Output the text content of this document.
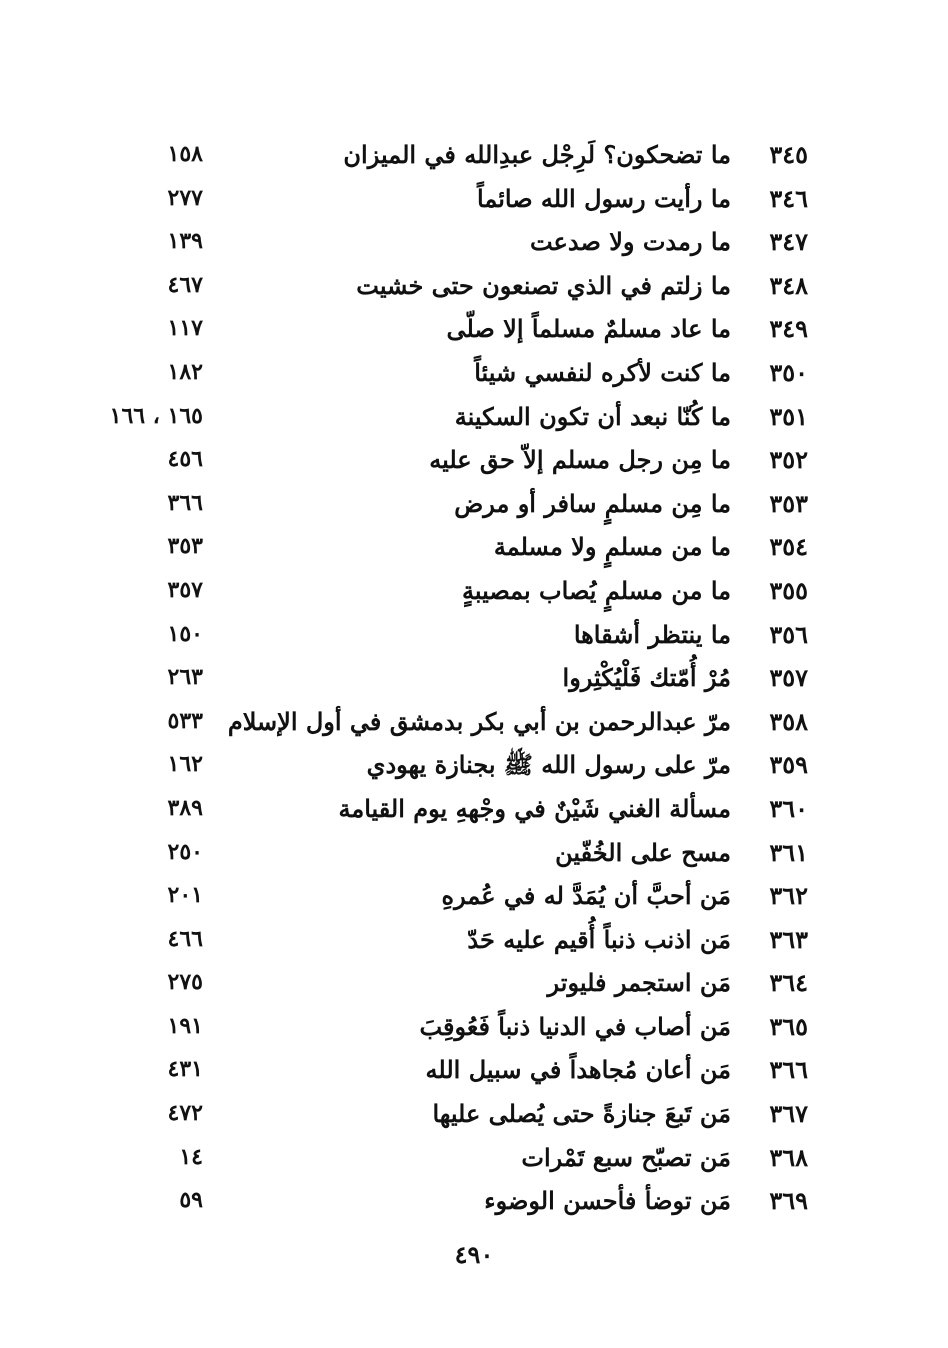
٣٤٥
ما تضحكون؟ لَرِجْل عبدِالله في الميزان
١٥٨
٣٤٦
ما رأيت رسول الله صائماً
٢٧٧
٣٤٧
ما رمدت ولا صدعت
١٣٩
٣٤٨
ما زلتم في الذي تصنعون حتى خشيت
٤٦٧
٣٤٩
ما عاد مسلمٌ مسلماً إلا صلّى
١١٧
٣٥٠
ما كنت لأكره لنفسي شيئاً
١٨٢
٣٥١
ما كُنّا نبعد أن تكون السكينة
١٦٥ ، ١٦٦
٣٥٢
ما مِن رجل مسلم إلاّ حق عليه
٤٥٦
٣٥٣
ما مِن مسلمٍ سافر أو مرض
٣٦٦
٣٥٤
ما من مسلمٍ ولا مسلمة
٣٥٣
٣٥٥
ما من مسلمٍ يُصاب بمصيبةٍ
٣٥٧
٣٥٦
ما ينتظر أشقاها
١٥٠
٣٥٧
مُرْ أُمّتك فَلْيُكْثِروا
٢٦٣
٣٥٨
مرّ عبدالرحمن بن أبي بكر بدمشق في أول الإسلام
٥٣٣
٣٥٩
مرّ على رسول الله ﷺ بجنازة يهودي
١٦٢
٣٦٠
مسألة الغني شَيْنٌ في وجْههِ يوم القيامة
٣٨٩
٣٦١
مسح على الخُفّين
٢٥٠
٣٦٢
مَن أحبَّ أن يُمَدَّ له في عُمرهِ
٢٠١
٣٦٣
مَن اذنب ذنباً أُقيم عليه حَدّ
٤٦٦
٣٦٤
مَن استجمر فليوتر
٢٧٥
٣٦٥
مَن أصاب في الدنيا ذنباً فَعُوقِبَ
١٩١
٣٦٦
مَن أعان مُجاهداً في سبيل الله
٤٣١
٣٦٧
مَن تَبعَ جنازةً حتى يُصلى عليها
٤٧٢
٣٦٨
مَن تصبّح سبع تَمْرات
١٤
٣٦٩
مَن توضأ فأحسن الوضوء
٥٩
٤٩٠
